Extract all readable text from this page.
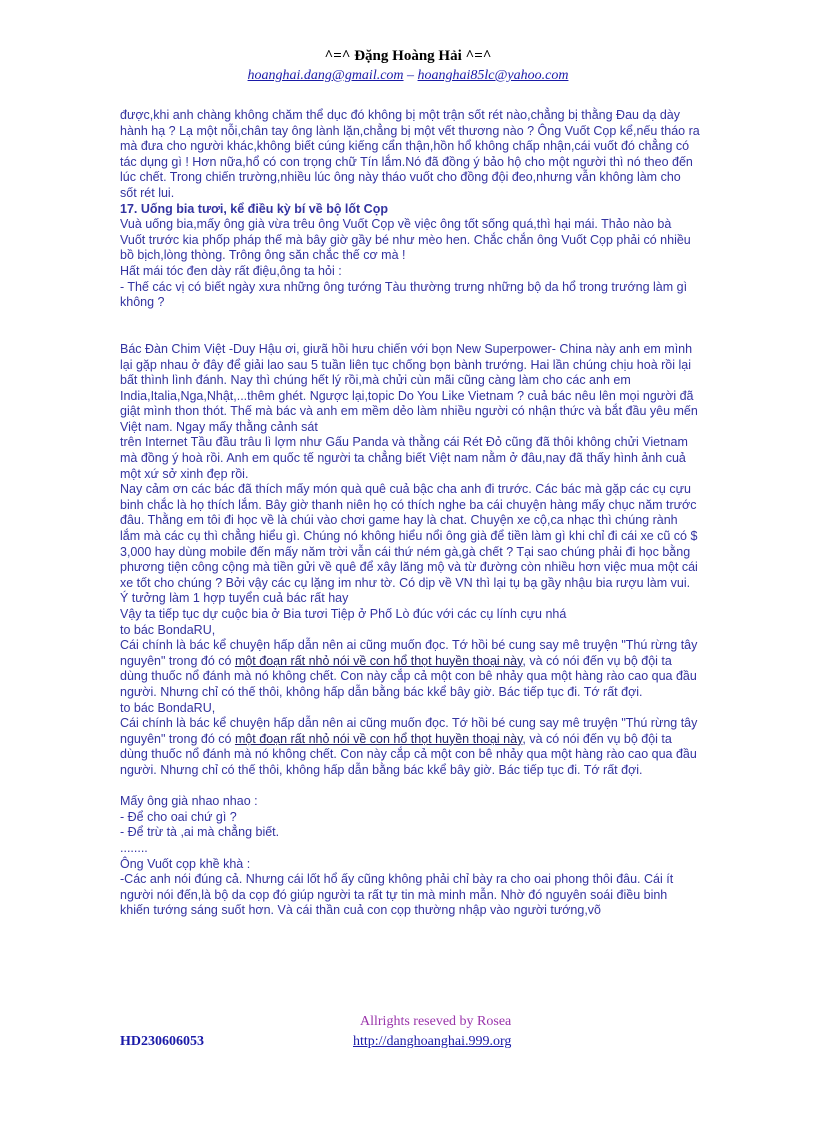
^=^ Đặng Hoàng Hải ^=^
hoanghai.dang@gmail.com – hoanghai85lc@yahoo.com

được,khi anh chàng không chăm thể dục đó không bị một trận sốt rét nào,chẳng bị thằng Đau dạ dày hành hạ ? Lạ một nỗi,chân tay ông lành lặn,chẳng bị một vết thương nào ? Ông Vuốt Cọp kể,nếu tháo ra mà đưa cho người khác,không biết cúng kiếng cẩn thận,hồn hổ không chấp nhận,cái vuốt đó chẳng có tác dụng gì ! Hơn nữa,hổ có con trọng chữ Tín lắm.Nó đã đồng ý bảo hộ cho một người thì nó theo đến lúc chết. Trong chiến trường,nhiều lúc ông này tháo vuốt cho đồng đội đeo,nhưng vẫn không làm cho sốt rét lui.

17. Uống bia tươi, kể điều kỳ bí về bộ lốt Cọp

Vuà uống bia,mấy ông già vừa trêu ông Vuốt Cọp về việc ông tốt sống quá,thì hại mái. Thảo nào bà Vuốt trước kia phốp pháp thế mà bây giờ gầy bé như mèo hen. Chắc chắn ông Vuốt Cọp phải có nhiều bồ bịch,lòng thòng. Trông ông săn chắc thế cơ mà !

Hất mái tóc đen dày rất điệu,ông ta hỏi :

- Thế các vị có biết ngày xưa những ông tướng Tàu thường trưng những bộ da hổ trong trướng làm gì không ?

Bác Đàn Chim Việt -Duy Hậu ơi, giưã hồi hưu chiến với bọn New Superpower- China này anh em mình lại gặp nhau ở đây để giải lao sau 5 tuần liên tục chống bọn bành trướng. Hai lần chúng chịu hoà rồi lại bất thình lình đánh. Nay thì chúng hết lý rồi,mà chửi cùn mãi cũng càng làm cho các anh em India,Italia,Nga,Nhật,...thêm ghét. Ngược lại,topic Do You Like Vietnam ? cuả bác nêu lên mọi người đã giật mình thon thót. Thế mà bác và anh em mềm dẻo làm nhiều người có nhận thức và bắt đầu yêu mến Việt nam. Ngay mấy thằng cảnh sát

trên Internet Tầu đầu trâu lì lợm như Gấu Panda và thằng cái Rét Đỏ cũng đã thôi không chửi Vietnam mà đồng ý hoà rồi. Anh em quốc tế người ta chẳng biết Việt nam nằm ở đâu,nay đã thấy hình ảnh cuả một xứ sở xinh đẹp rồi.

Nay cảm ơn các bác đã thích mấy món quà quê cuả bậc cha anh đi trước. Các bác mà gặp các cụ cựu binh chắc là họ thích lắm. Bây giờ thanh niên họ có thích nghe ba cái chuyện hàng mấy chục năm trước đâu. Thằng em tôi đi học về là chúi vào chơi game hay là chat. Chuyện xe cộ,ca nhạc thì chúng rành lắm mà các cụ thì chẳng hiểu gì. Chúng nó không hiểu nổi ông già để tiền làm gì khi chỉ đi cái xe cũ có $ 3,000 hay dùng mobile đến mấy năm trời vẫn cái thứ ném gà,gà chết ? Tại sao chúng phải đi học bằng phương tiện công cộng mà tiền gửi về quê để xây lăng mộ và từ đường còn nhiều hơn việc mua một cái xe tốt cho chúng ? Bởi vậy các cụ lặng im như tờ. Có dịp về VN thì lại tụ bạ gầy nhậu bia rượu làm vui.

Ý tưởng làm 1 hợp tuyển cuả bác rất hay

Vậy ta tiếp tục dự cuộc bia ở Bia tươi Tiệp ở Phố Lò đúc với các cụ lính cựu nhá

to bác BondaRU,

Cái chính là bác kể chuyện hấp dẫn nên ai cũng muốn đọc. Tớ hồi bé cung say mê truyện "Thú rừng tây nguyên" trong đó có một đoạn rất nhỏ nói về con hổ thọt huyền thoại này, và có nói đến vụ bộ đội ta dùng thuốc nổ đánh mà nó không chết. Con này cắp cả một con bê nhảy qua một hàng rào cao qua đầu người. Nhưng chỉ có thế thôi, không hấp dẫn bằng bác kkể bây giờ. Bác tiếp tục đi. Tớ rất đợi.

to bác BondaRU,

Cái chính là bác kể chuyện hấp dẫn nên ai cũng muốn đọc. Tớ hồi bé cung say mê truyện "Thú rừng tây nguyên" trong đó có một đoạn rất nhỏ nói về con hổ thọt huyền thoại này, và có nói đến vụ bộ đội ta dùng thuốc nổ đánh mà nó không chết. Con này cắp cả một con bê nhảy qua một hàng rào cao qua đầu người. Nhưng chỉ có thế thôi, không hấp dẫn bằng bác kkể bây giờ. Bác tiếp tục đi. Tớ rất đợi.

Mấy ông già nhao nhao :

- Để cho oai chứ gì ?

- Để trừ tà ,ai mà chẳng biết.

........

Ông Vuốt cọp khề khà :

-Các anh nói đúng cả. Nhưng cái lốt hổ ấy cũng không phải chỉ bày ra cho oai phong thôi đâu. Cái ít người nói đến,là bộ da cọp đó giúp người ta rất tự tin mà minh mẫn. Nhờ đó nguyên soái điều binh khiến tướng sáng suốt hơn. Và cái thần cuả con cọp thường nhập vào người tướng,võ

Allrights reseved by Rosea
HD230606053	http://danghoanghai.999.org
